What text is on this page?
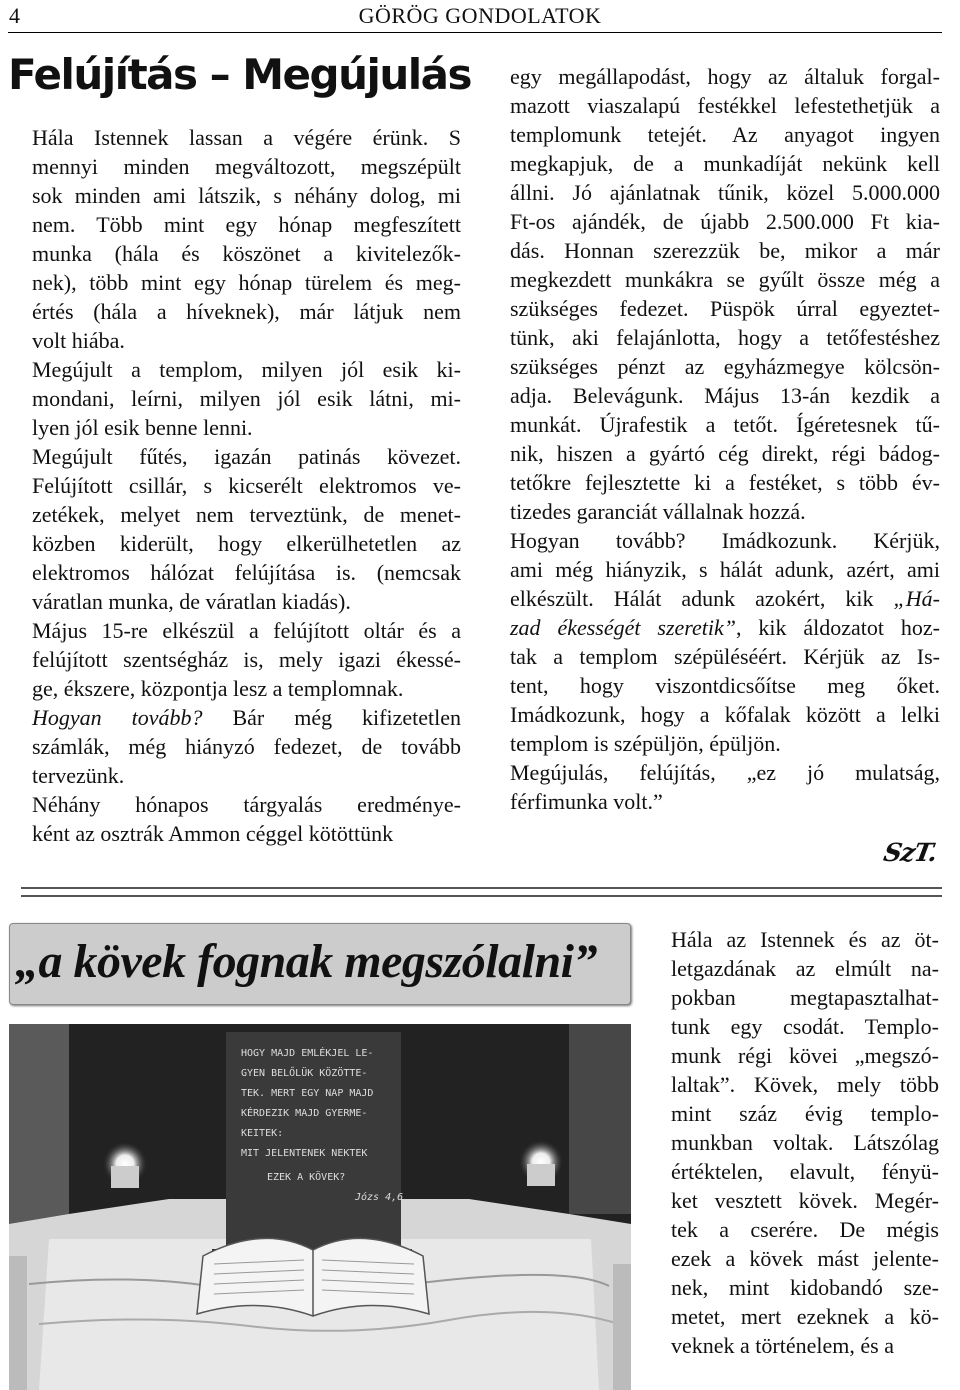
4	GÖRÖG GONDOLATOK
Felújítás – Megújulás

Hála Istennek lassan a végére érünk. S
mennyi minden megváltozott, megszépült
sok minden ami látszik, s néhány dolog, mi
nem. Több mint egy hónap megfeszített
munka (hála és köszönet a kivitelezők-
nek), több mint egy hónap türelem és meg-
értés (hála a híveknek), már látjuk nem
volt hiába.

Megújult a templom, milyen jól esik ki-
mondani, leírni, milyen jól esik látni, mi-
lyen jól esik benne lenni.

Megújult fűtés, igazán patinás kövezet.
Felújított csillár, s kicserélt elektromos ve-
zetékek, melyet nem terveztünk, de menet-
közben kiderült, hogy elkerülhetetlen az
elektromos hálózat felújítása is. (nemcsak
váratlan munka, de váratlan kiadás).

Május 15-re elkészül a felújított oltár és a
felújított szentségház is, mely igazi ékessé-
ge, ékszere, központja lesz a templomnak.

Hogyan tovább? Bár még kifizetetlen
számlák, még hiányzó fedezet, de tovább
tervezünk.

Néhány hónapos tárgyalás eredménye-
ként az osztrák Ammon céggel kötöttünk

egy megállapodást, hogy az általuk forgal-
mazott viaszalapú festékkel lefestethetjük a
templomunk tetejét. Az anyagot ingyen
megkapjuk, de a munkadíját nekünk kell
állni. Jó ajánlatnak tűnik, közel 5.000.000
Ft-os ajándék, de újabb 2.500.000 Ft kia-
dás. Honnan szerezzük be, mikor a már
megkezdett munkákra se gyűlt össze még a
szükséges fedezet. Püspök úrral egyeztet-
tünk, aki felajánlotta, hogy a tetőfestéshez
szükséges pénzt az egyházmegye kölcsön-
adja. Belevágunk. Május 13-án kezdik a
munkát. Újrafestik a tetőt. Ígéretesnek tű-
nik, hiszen a gyártó cég direkt, régi bádog-
tetőkre fejlesztette ki a festéket, s több év-
tizedes garanciát vállalnak hozzá.

Hogyan tovább? Imádkozunk. Kérjük,
ami még hiányzik, s hálát adunk, azért, ami
elkészült. Hálát adunk azokért, kik „Há-
zad ékességét szeretik”, kik áldozatot hoz-
tak a templom szépüléséért. Kérjük az Is-
tent, hogy viszontdicsőítse meg őket.
Imádkozunk, hogy a kőfalak között a lelki
templom is szépüljön, épüljön.

Megújulás, felújítás, „ez jó mulatság,
férfimunka volt.”

SzT.
„a kövek fognak megszólalni”
HOGY MAJD EMLÉKJEL LE-
GYEN BELŐLÜK KÖZÖTTE-
TEK. MERT EGY NAP MAJD
KÉRDEZIK MAJD GYERME-
KEITEK:
MIT JELENTENEK NEKTEK
EZEK A KÖVEK?
Józs 4,6

Hála az Istennek és az öt-
letgazdának az elmúlt na-
pokban megtapasztalhat-
tunk egy csodát. Templo-
munk régi kövei „megszó-
laltak”. Kövek, mely több
mint száz évig templo-
munkban voltak. Látszólag
értéktelen, elavult, fényü-
ket vesztett kövek. Megér-
tek a cserére. De mégis
ezek a kövek mást jelente-
nek, mint kidobandó sze-
metet, mert ezeknek a kö-
veknek a történelem, és a
